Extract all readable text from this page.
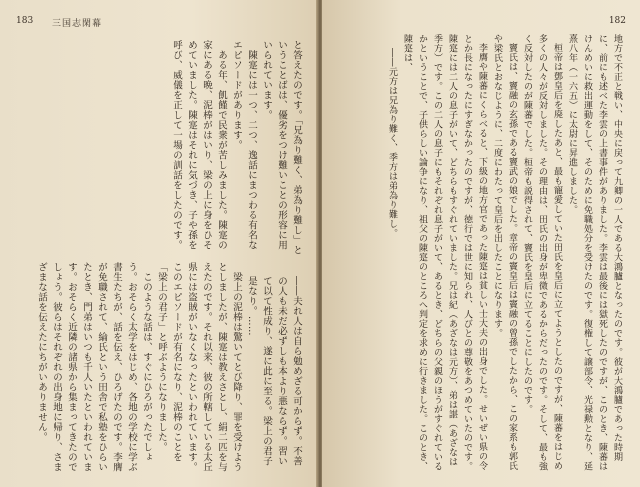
183 三国志閑幕

と答えたのです。「兄為り難く、弟為り難し」ということばは、優劣をつけ難いことの形容に用いられています。

陳寔には一つ、二つ、逸話にまつわる有名なエピソードがあります。

ある年、飢饉で民衆が苦しみました。陳寔の家にある晩、泥棒がはいり、梁の上に身をひそめていました。陳寔はそれに気づき、子や孫を呼び、威儀を正して一場の訓話をしたのです。

――夫れ人は自ら勉めざる可からず。不善の人も未だ必ずしも本より悪ならず。習いて以て性成り、遂に此に至る。梁上の君子是なり。……

梁上の泥棒は驚いてとび降り、罪を受けようとしましたが、陳寔は教えさとし、絹二匹を与えたのです。それ以来、彼の所轄している太丘県には盗賊がいなくなったといわれています。このエピソードが有名になり、泥棒のことを「梁上の君子」と呼ぶようになりました。

このような話は、すぐにひろがったでしょう。おそらく太学をはじめ、各地の学校に学ぶ書生たちが、話を伝え、ひろげたのです。李膺が免職されて、綸氏という田舎で私塾をひらいたとき、門弟はいつも千人いたといわれています。おそらく近隣の諸県から集まってきたのでしょう。彼らはそれぞれの出身地に帰り、さまざまな話を伝えたにちがいありません。

182

地方で不正と戦い、中央に戻って九卿の一人である大鴻臚となったのです。彼が大鴻臚であった時期に、前にも述べた李雲の上書事件がありました。李雲は最後には獄死したのですが、このとき、陳蕃はけんめいに救出運動をして、そのために免職処分を受けたのです。復権して譲部令、光禄勲となり、延熹八年（一六五）に太尉に昇進しました。

桓帝は鄧皇后を廃したあと、最も寵愛していた田氏を皇后に立てようとしたのですが、陳蕃をはじめ多くの人々が反対しました。その理由は、田氏の出身が卑微であるからだったのです。そして、最も強く反対したのが陳蕃でした。桓帝も説得されて、竇氏を皇后に立てることにしたのです。

竇氏は、竇融の玄孫である竇武の娘でした。章帝の竇皇后は竇融の曾孫でしたから、この家系も郭氏や梁氏とおなじように、二度にわたって皇后を出したことになります。

李膺や陳蕃にくらべると、下級の地方官であった陳寔は貧しい士大夫の出身でした。せいぜい県の令とか長になったにすぎなかったのですが、徳行では世に知られ、人びとの尊敬をあつめていたのです。陳寔には二人の息子がいて、どちらもすぐれていました。兄は紀（あざなは元方）、弟は諶（あざなは季方）です。この二人の息子にもそれぞれ息子がいて、あるとき、どちらの父親のほうがすぐれているかということで、子供らしい論争になり、祖父の陳寔のところへ判定を求めに行きました。このとき、陳寔は、

――元方は兄為り難く、季方は弟為り難し。
